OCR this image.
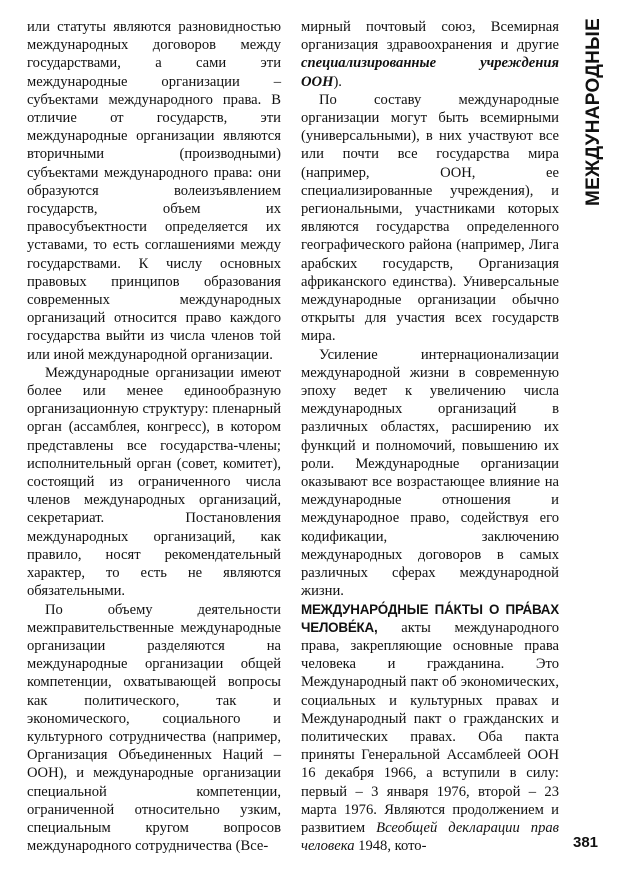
или статуты являются разновидностью международных договоров между государствами, а сами эти международные организации – субъектами международного права. В отличие от государств, эти международные организации являются вторичными (производными) субъектами международного права: они образуются волеизъявлением государств, объем их правосубъектности определяется их уставами, то есть соглашениями между государствами. К числу основных правовых принципов образования современных международных организаций относится право каждого государства выйти из числа членов той или иной международной организации.

Международные организации имеют более или менее единообразную организационную структуру: пленарный орган (ассамблея, конгресс), в котором представлены все государства-члены; исполнительный орган (совет, комитет), состоящий из ограниченного числа членов международных организаций, секретариат. Постановления международных организаций, как правило, носят рекомендательный характер, то есть не являются обязательными.

По объему деятельности межправительственные международные организации разделяются на международные организации общей компетенции, охватывающей вопросы как политического, так и экономического, социального и культурного сотрудничества (например, Организация Объединенных Наций – ООН), и международные организации специальной компетенции, ограниченной относительно узким, специальным кругом вопросов международного сотрудничества (Все-

мирный почтовый союз, Всемирная организация здравоохранения и другие специализированные учреждения ООН).

По составу международные организации могут быть всемирными (универсальными), в них участвуют все или почти все государства мира (например, ООН, ее специализированные учреждения), и региональными, участниками которых являются государства определенного географического района (например, Лига арабских государств, Организация африканского единства). Универсальные международные организации обычно открыты для участия всех государств мира.

Усиление интернационализации международной жизни в современную эпоху ведет к увеличению числа международных организаций в различных областях, расширению их функций и полномочий, повышению их роли. Международные организации оказывают все возрастающее влияние на международные отношения и международное право, содействуя его кодификации, заключению международных договоров в самых различных сферах международной жизни.

МЕЖДУНАРО́ДНЫЕ ПА́КТЫ О ПРА́ВАХ ЧЕЛОВЕ́КА, акты международного права, закрепляющие основные права человека и гражданина. Это Международный пакт об экономических, социальных и культурных правах и Международный пакт о гражданских и политических правах. Оба пакта приняты Генеральной Ассамблеей ООН 16 декабря 1966, а вступили в силу: первый – 3 января 1976, второй – 23 марта 1976. Являются продолжением и развитием Всеобщей декларации прав человека 1948, кото-

МЕЖДУНАРОДНЫЕ
381
